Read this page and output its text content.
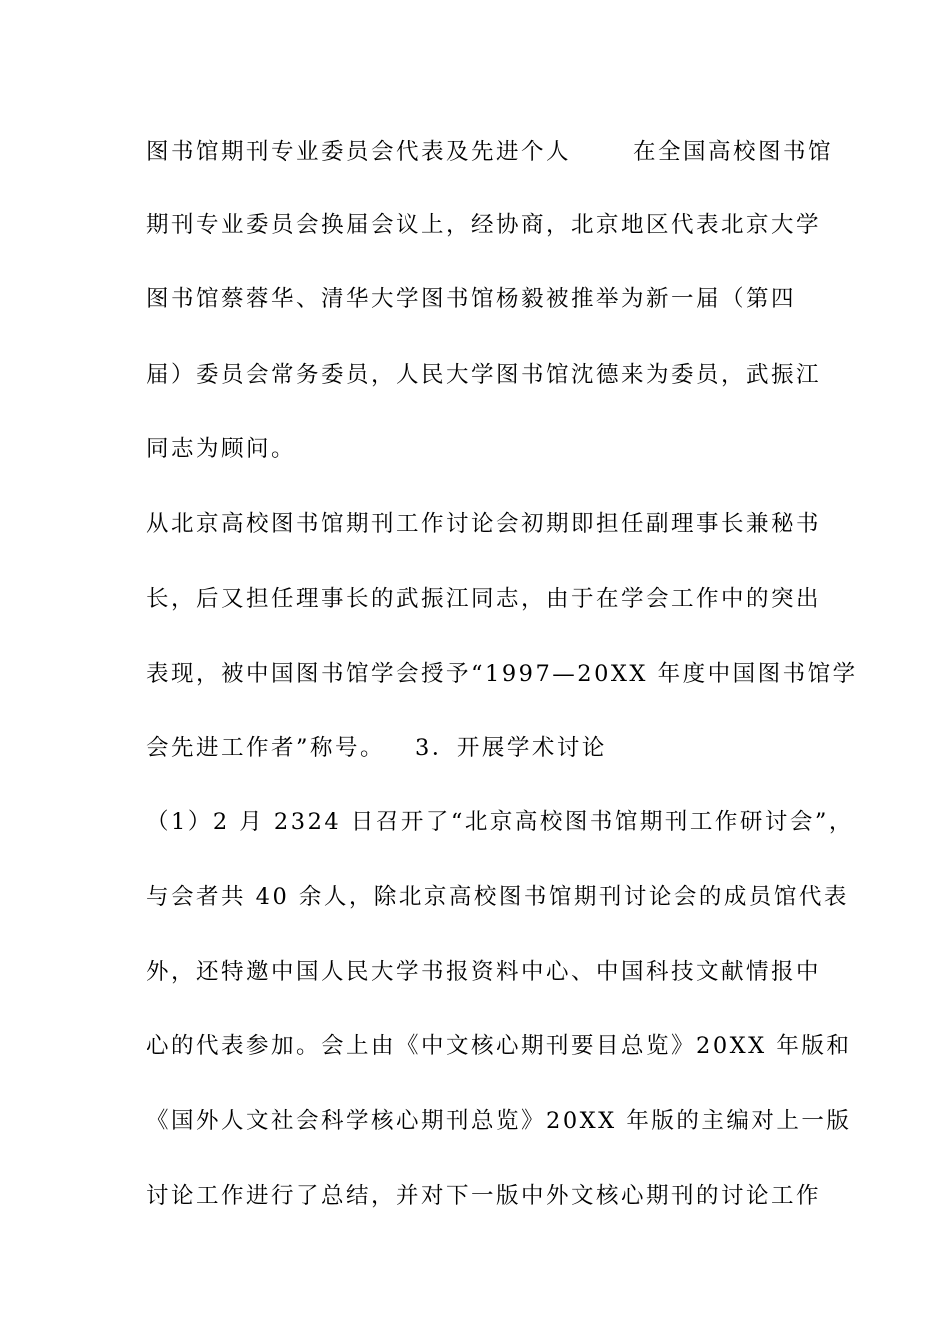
图书馆期刊专业委员会代表及先进个人	在全国高校图书馆
期刊专业委员会换届会议上，经协商，北京地区代表北京大学
图书馆蔡蓉华、清华大学图书馆杨毅被推举为新一届（第四
届）委员会常务委员，人民大学图书馆沈德来为委员，武振江
同志为顾问。
从北京高校图书馆期刊工作讨论会初期即担任副理事长兼秘书
长，后又担任理事长的武振江同志，由于在学会工作中的突出
表现，被中国图书馆学会授予“1997—20XX 年度中国图书馆学
会先进工作者”称号。 3．开展学术讨论
（1）2 月 2324 日召开了“北京高校图书馆期刊工作研讨会”，
与会者共 40 余人，除北京高校图书馆期刊讨论会的成员馆代表
外，还特邀中国人民大学书报资料中心、中国科技文献情报中
心的代表参加。会上由《中文核心期刊要目总览》20XX 年版和
《国外人文社会科学核心期刊总览》20XX 年版的主编对上一版
讨论工作进行了总结，并对下一版中外文核心期刊的讨论工作
